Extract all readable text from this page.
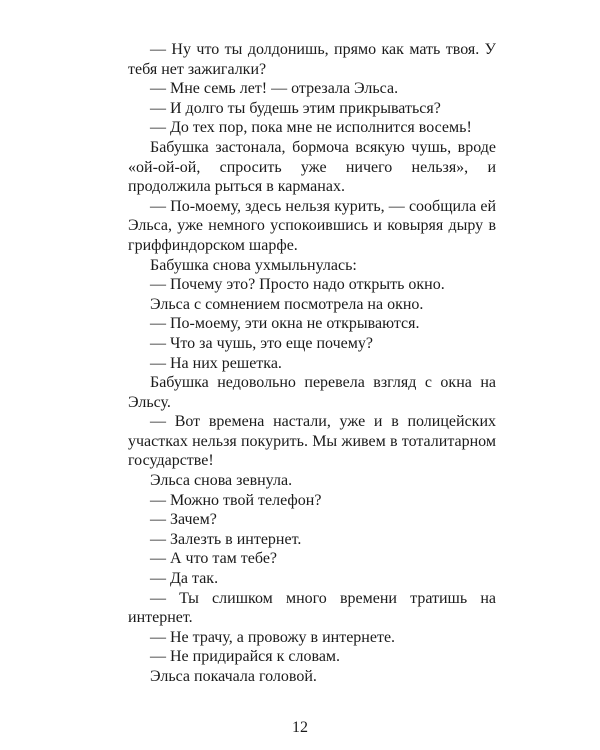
— Ну что ты долдонишь, прямо как мать твоя. У тебя нет зажигалки?

— Мне семь лет! — отрезала Эльса.

— И долго ты будешь этим прикрываться?

— До тех пор, пока мне не исполнится восемь!

Бабушка застонала, бормоча всякую чушь, вроде «ой-ой-ой, спросить уже ничего нельзя», и продолжила рыться в карманах.

— По-моему, здесь нельзя курить, — сообщила ей Эльса, уже немного успокоившись и ковыряя дыру в гриффиндорском шарфе.

Бабушка снова ухмыльнулась:

— Почему это? Просто надо открыть окно.

Эльса с сомнением посмотрела на окно.

— По-моему, эти окна не открываются.

— Что за чушь, это еще почему?

— На них решетка.

Бабушка недовольно перевела взгляд с окна на Эльсу.

— Вот времена настали, уже и в полицейских участках нельзя покурить. Мы живем в тоталитарном государстве!

Эльса снова зевнула.

— Можно твой телефон?

— Зачем?

— Залезть в интернет.

— А что там тебе?

— Да так.

— Ты слишком много времени тратишь на интернет.

— Не трачу, а провожу в интернете.

— Не придирайся к словам.

Эльса покачала головой.

12
